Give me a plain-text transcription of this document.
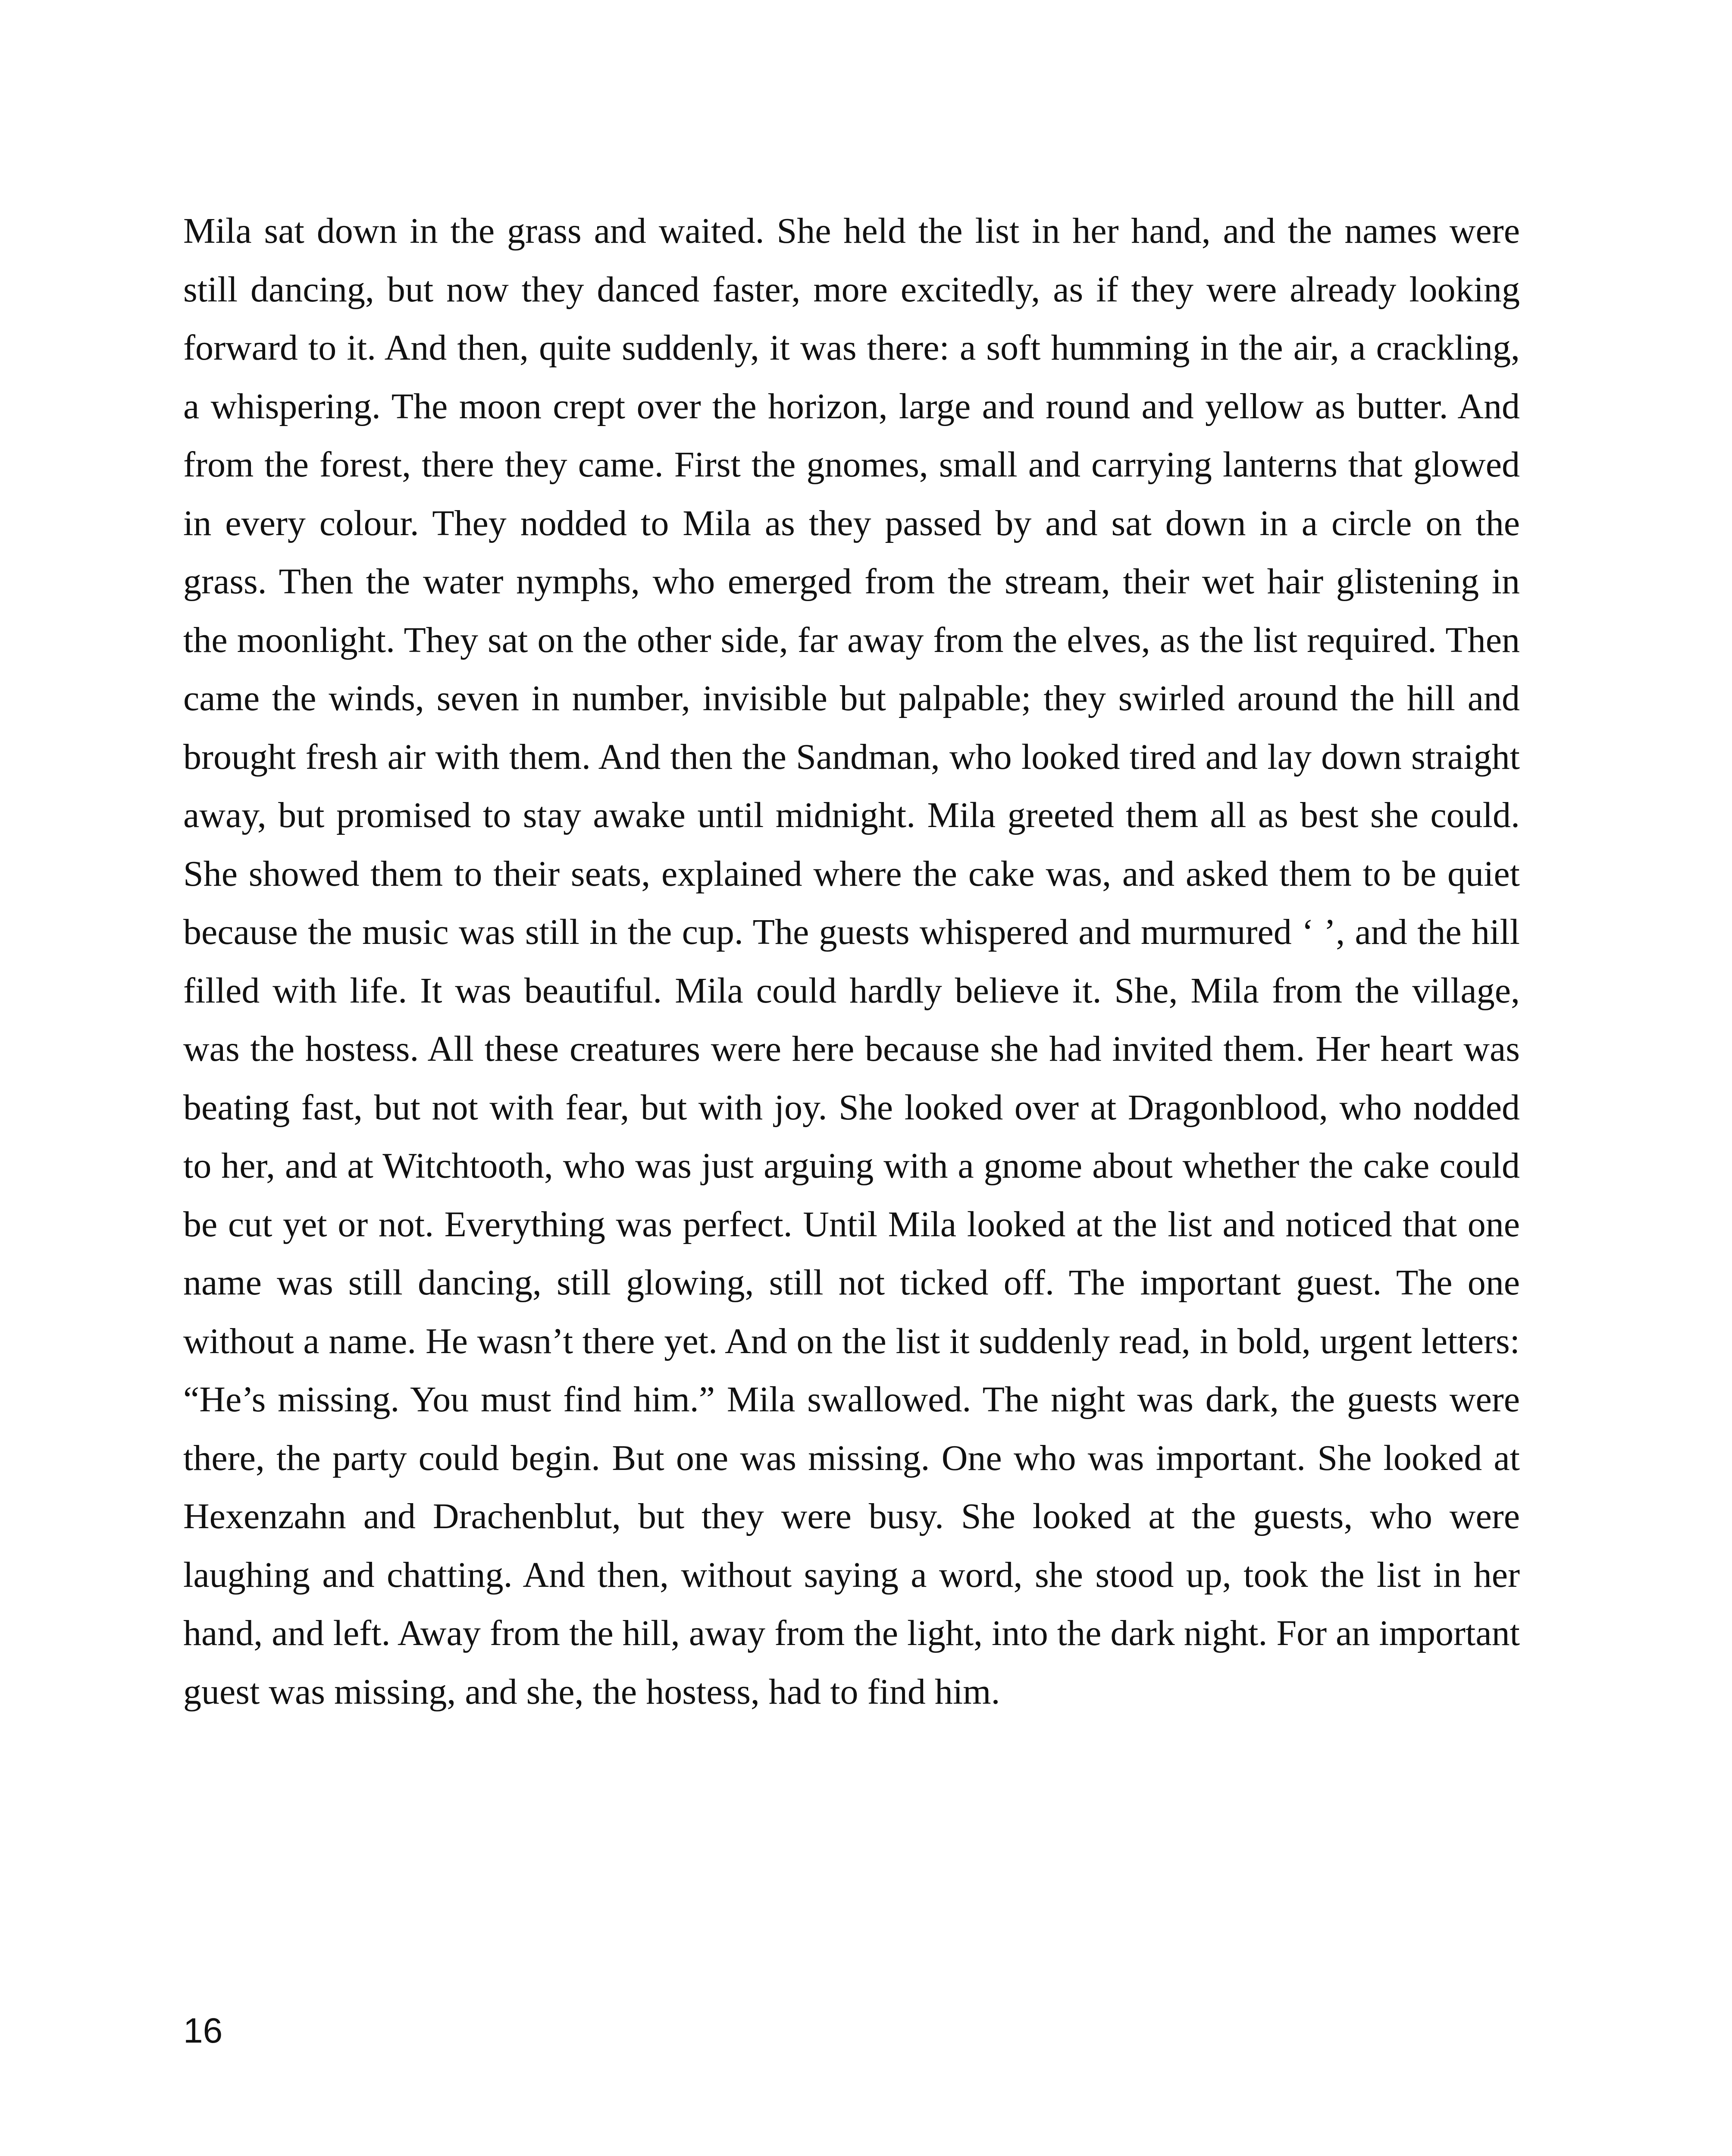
Mila sat down in the grass and waited. She held the list in her hand, and the names were still dancing, but now they danced faster, more excitedly, as if they were already looking forward to it. And then, quite suddenly, it was there: a soft humming in the air, a crackling, a whispering. The moon crept over the horizon, large and round and yellow as butter. And from the forest, there they came. First the gnomes, small and carrying lanterns that glowed in every colour. They nodded to Mila as they passed by and sat down in a circle on the grass. Then the water nymphs, who emerged from the stream, their wet hair glistening in the moonlight. They sat on the other side, far away from the elves, as the list required. Then came the winds, seven in number, invisible but palpable; they swirled around the hill and brought fresh air with them. And then the Sandman, who looked tired and lay down straight away, but promised to stay awake until midnight. Mila greeted them all as best she could. She showed them to their seats, explained where the cake was, and asked them to be quiet because the music was still in the cup. The guests whispered and murmured ‘ ’, and the hill filled with life. It was beautiful. Mila could hardly believe it. She, Mila from the village, was the hostess. All these creatures were here because she had invited them. Her heart was beating fast, but not with fear, but with joy. She looked over at Dragonblood, who nodded to her, and at Witchtooth, who was just arguing with a gnome about whether the cake could be cut yet or not. Everything was perfect. Until Mila looked at the list and noticed that one name was still dancing, still glowing, still not ticked off. The important guest. The one without a name. He wasn’t there yet. And on the list it suddenly read, in bold, urgent letters: “He’s missing. You must find him.” Mila swallowed. The night was dark, the guests were there, the party could begin. But one was missing. One who was important. She looked at Hexenzahn and Drachenblut, but they were busy. She looked at the guests, who were laughing and chatting. And then, without saying a word, she stood up, took the list in her hand, and left. Away from the hill, away from the light, into the dark night. For an important guest was missing, and she, the hostess, had to find him.

16
